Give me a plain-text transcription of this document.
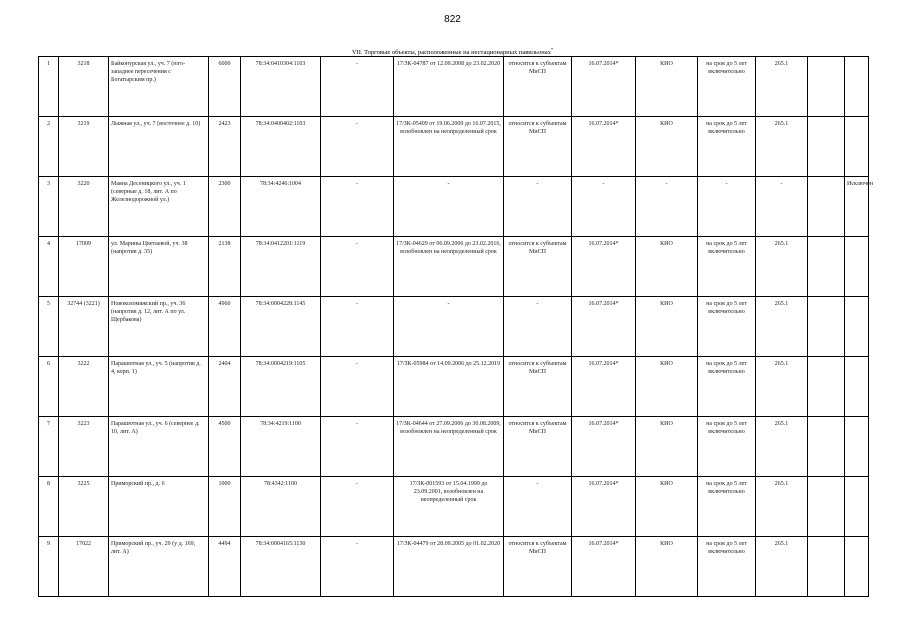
822
VII. Торговые объекты, расположенные на нестационарных павильонах*
1	3218	Байконурская ул., уч. 7 (юго-западнее пересечения с Богатырским пр.)	6000	78:34:0410304:1103	-	17/ЗК-04787 от 12.09.2008 до 23.02.2020	относится к субъектам МиСП	16.07.2014*	КИО	на срок до 5 лет включительно	265.1		
2	3219	Лыжная ул., уч. 7 (восточнее д. 10)	2423	78:34:0400402:1103	-	17/ЗК-05409 от 19.06.2009 до 16.07.2015, возобновлен на неопределенный срок	относится к субъектам МиСП	16.07.2014*	КИО	на срок до 5 лет включительно	265.1		
3	3220	Маяна Десеницкого ул., уч. 1 (северные д. 18, лит. А по Железнодорожной ул.)	2300	78:34:4246:1004	-	-	-	-	-	-	-		Исключен
4	17009	ул. Марины Цветаевой, уч. 38 (напротив д. 35)	2138	78:34:0412201:1119	-	17/ЗК-04629 от 06.09.2006 до 23.02.2016, возобновлен на неопределенный срок	относится к субъектам МиСП	16.07.2014*	КИО	на срок до 5 лет включительно	265.1		
5	32744 (3221)	Новоколомяжский пр., уч. 36 (напротив д. 12, лит. А по ул. Щербакова)	4960	78:34:0004228:1145	-	-	-	16.07.2014*	КИО	на срок до 5 лет включительно	265.1		
6	3222	Парашютная ул., уч. 5 (напротив д. 4, корп. 1)	2404	78:34:0004219:1105	-	17/ЗК-05984 от 14.09.2006 до 25.12.2019	относится к субъектам МиСП	16.07.2014*	КИО	на срок до 5 лет включительно	265.1		
7	3223	Парашютная ул., уч. 6 (севернее д. 10, лит. А)	4500	78:34:4219:1100	-	17/ЗК-04644 от 27.09.2006 до 30.08.2009, возобновлен на неопределенный срок	относится к субъектам МиСП	16.07.2014*	КИО	на срок до 5 лет включительно	265.1		
8	3225	Приморский пр., д. 6	1000	78:4342:1100	-	17/ЗК-001593 от 15.04.1999 до 23.09.2001, возобновлен на неопределенный срок	-	16.07.2014*	КИО	на срок до 5 лет включительно	265.1		
9	17022	Приморский пр., уч. 29 (у д. 169, лит. А)	4494	78:34:0004165:1130	-	17/ЗК-04479 от 28.09.2005 до 01.02.2020	относится к субъектам МиСП	16.07.2014*	КИО	на срок до 5 лет включительно	265.1		
